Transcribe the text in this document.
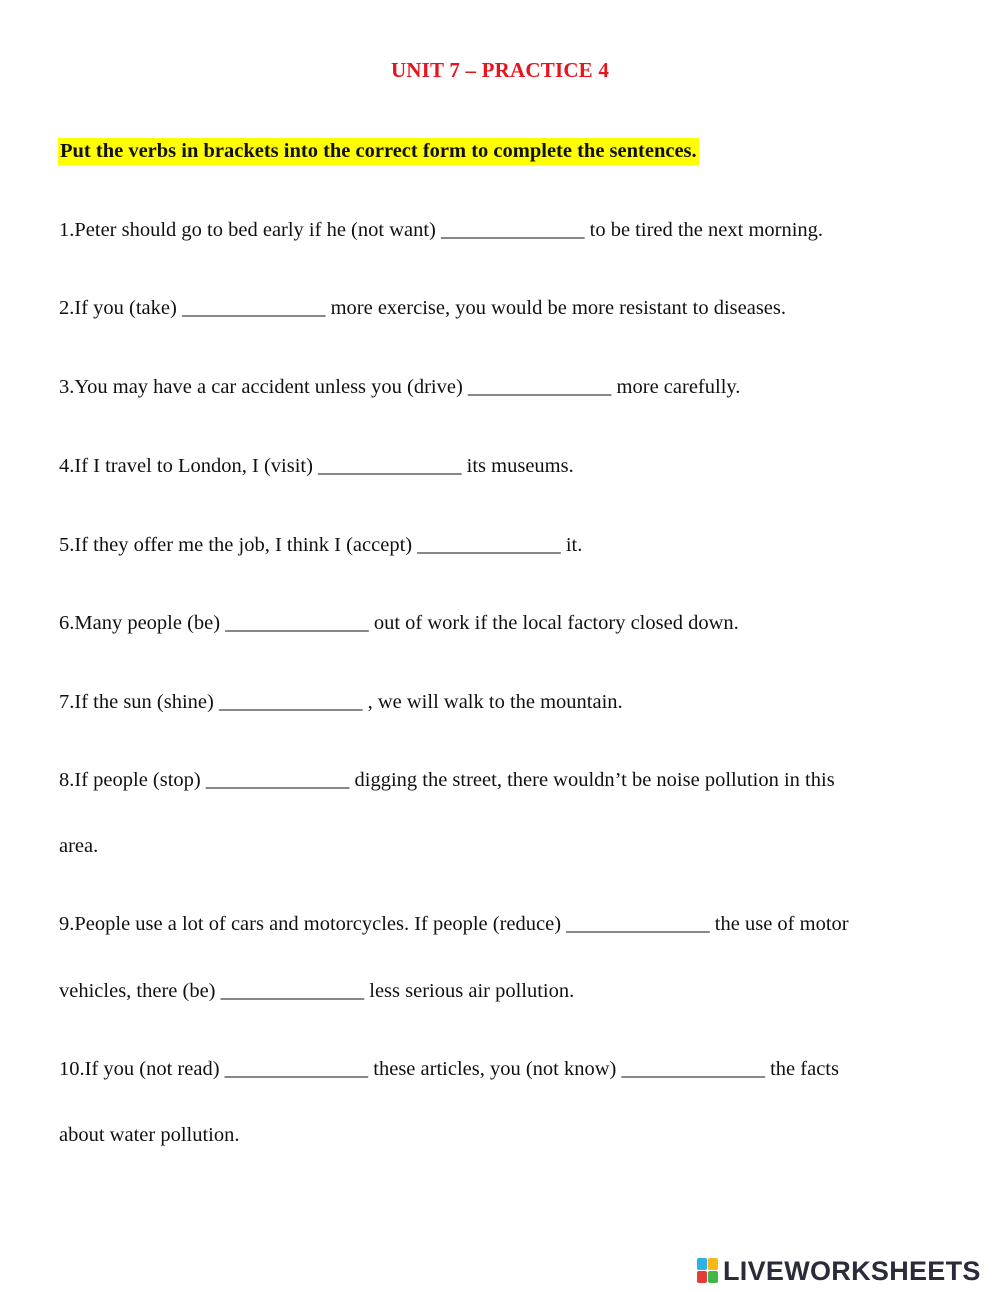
UNIT 7 – PRACTICE 4
Put the verbs in brackets into the correct form to complete the sentences.
1.Peter should go to bed early if he (not want) ______________ to be tired the next morning.
2.If you (take) ______________ more exercise, you would be more resistant to diseases.
3.You may have a car accident unless you (drive) ______________ more carefully.
4.If I travel to London, I (visit) ______________ its museums.
5.If they offer me the job, I think I (accept) ______________ it.
6.Many people (be) ______________ out of work if the local factory closed down.
7.If the sun (shine) ______________ , we will walk to the mountain.
8.If people (stop) ______________ digging the street, there wouldn’t be noise pollution in this
area.
9.People use a lot of cars and motorcycles. If people (reduce) ______________ the use of motor
vehicles, there (be) ______________ less serious air pollution.
10.If you (not read) ______________ these articles, you (not know) ______________ the facts
about water pollution.
LIVEWORKSHEETS
